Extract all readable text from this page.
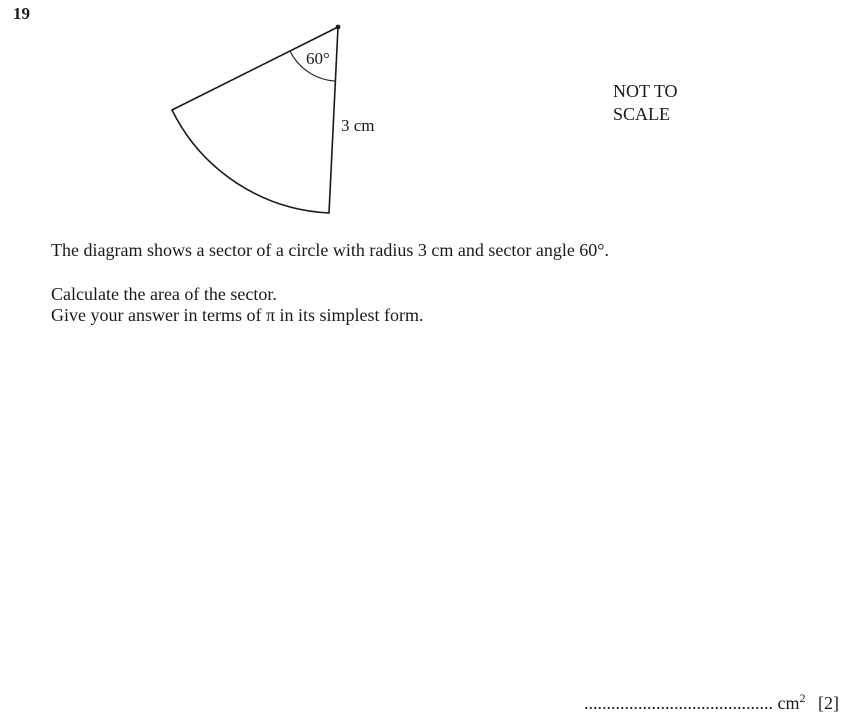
19
60°
3 cm
NOT TO
SCALE
The diagram shows a sector of a circle with radius 3 cm and sector angle 60°.
Calculate the area of the sector.
Give your answer in terms of π in its simplest form.
.......................................... $cm^2$ [2]
